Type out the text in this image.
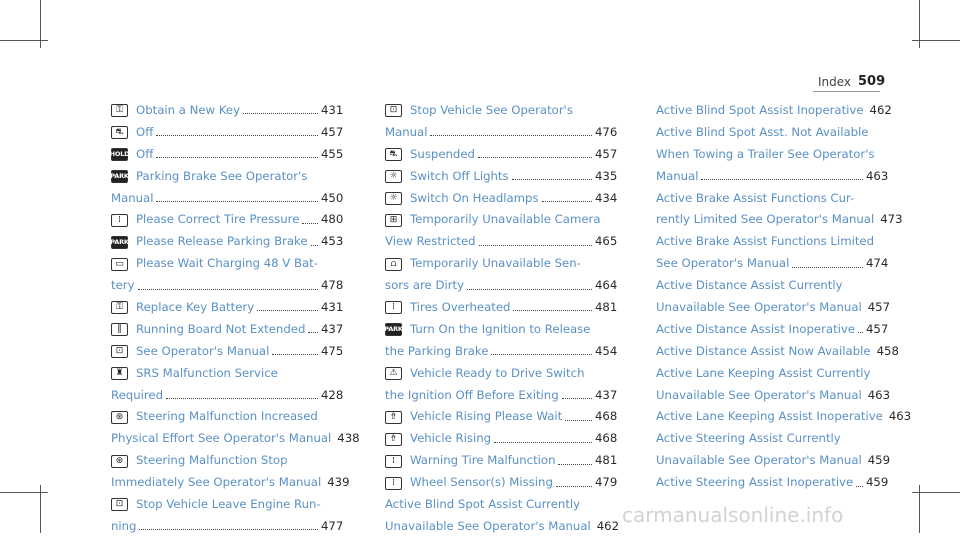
Index 509
⚿	Obtain a New Key	431
⛐	Off	457
HOLD Off	455
PARK Parking Brake See Operator's
Manual	450
⁞	Please Correct Tire Pressure 480
PARK Please Release Parking Brake 453
▭	Please Wait Charging 48 V Bat-
tery	478
⚿	Replace Key Battery	431
‖	Running Board Not Extended 437
⊡	See Operator's Manual	475
♜	SRS Malfunction Service
Required	428
⊛	Steering Malfunction Increased
Physical Effort See Operator's Manual 438
⊛	Steering Malfunction Stop
Immediately See Operator's Manual 439
⊡	Stop Vehicle Leave Engine Run-
ning	477
⊡	Stop Vehicle See Operator's
Manual	476
⛐	Suspended	457
☼	Switch Off Lights	435
☼	Switch On Headlamps	434
⊞	Temporarily Unavailable Camera
View Restricted	465
⩍	Temporarily Unavailable Sen-
sors are Dirty	464
⁞	Tires Overheated	481
PARK Turn On the Ignition to Release
the Parking Brake	454
⚠	Vehicle Ready to Drive Switch
the Ignition Off Before Exiting	437
⇮	Vehicle Rising Please Wait	468
⇮	Vehicle Rising	468
⁞	Warning Tire Malfunction	481
⁞	Wheel Sensor(s) Missing	479
Active Blind Spot Assist Currently
Unavailable See Operator's Manual 462
Active Blind Spot Assist Inoperative 462
Active Blind Spot Asst. Not Available
When Towing a Trailer See Operator's
Manual	463
Active Brake Assist Functions Cur-
rently Limited See Operator's Manual 473
Active Brake Assist Functions Limited
See Operator's Manual	474
Active Distance Assist Currently
Unavailable See Operator's Manual 457
Active Distance Assist Inoperative 457
Active Distance Assist Now Available 458
Active Lane Keeping Assist Currently
Unavailable See Operator's Manual 463
Active Lane Keeping Assist Inoperative 463
Active Steering Assist Currently
Unavailable See Operator's Manual 459
Active Steering Assist Inoperative 459
carmanualsonline.info
